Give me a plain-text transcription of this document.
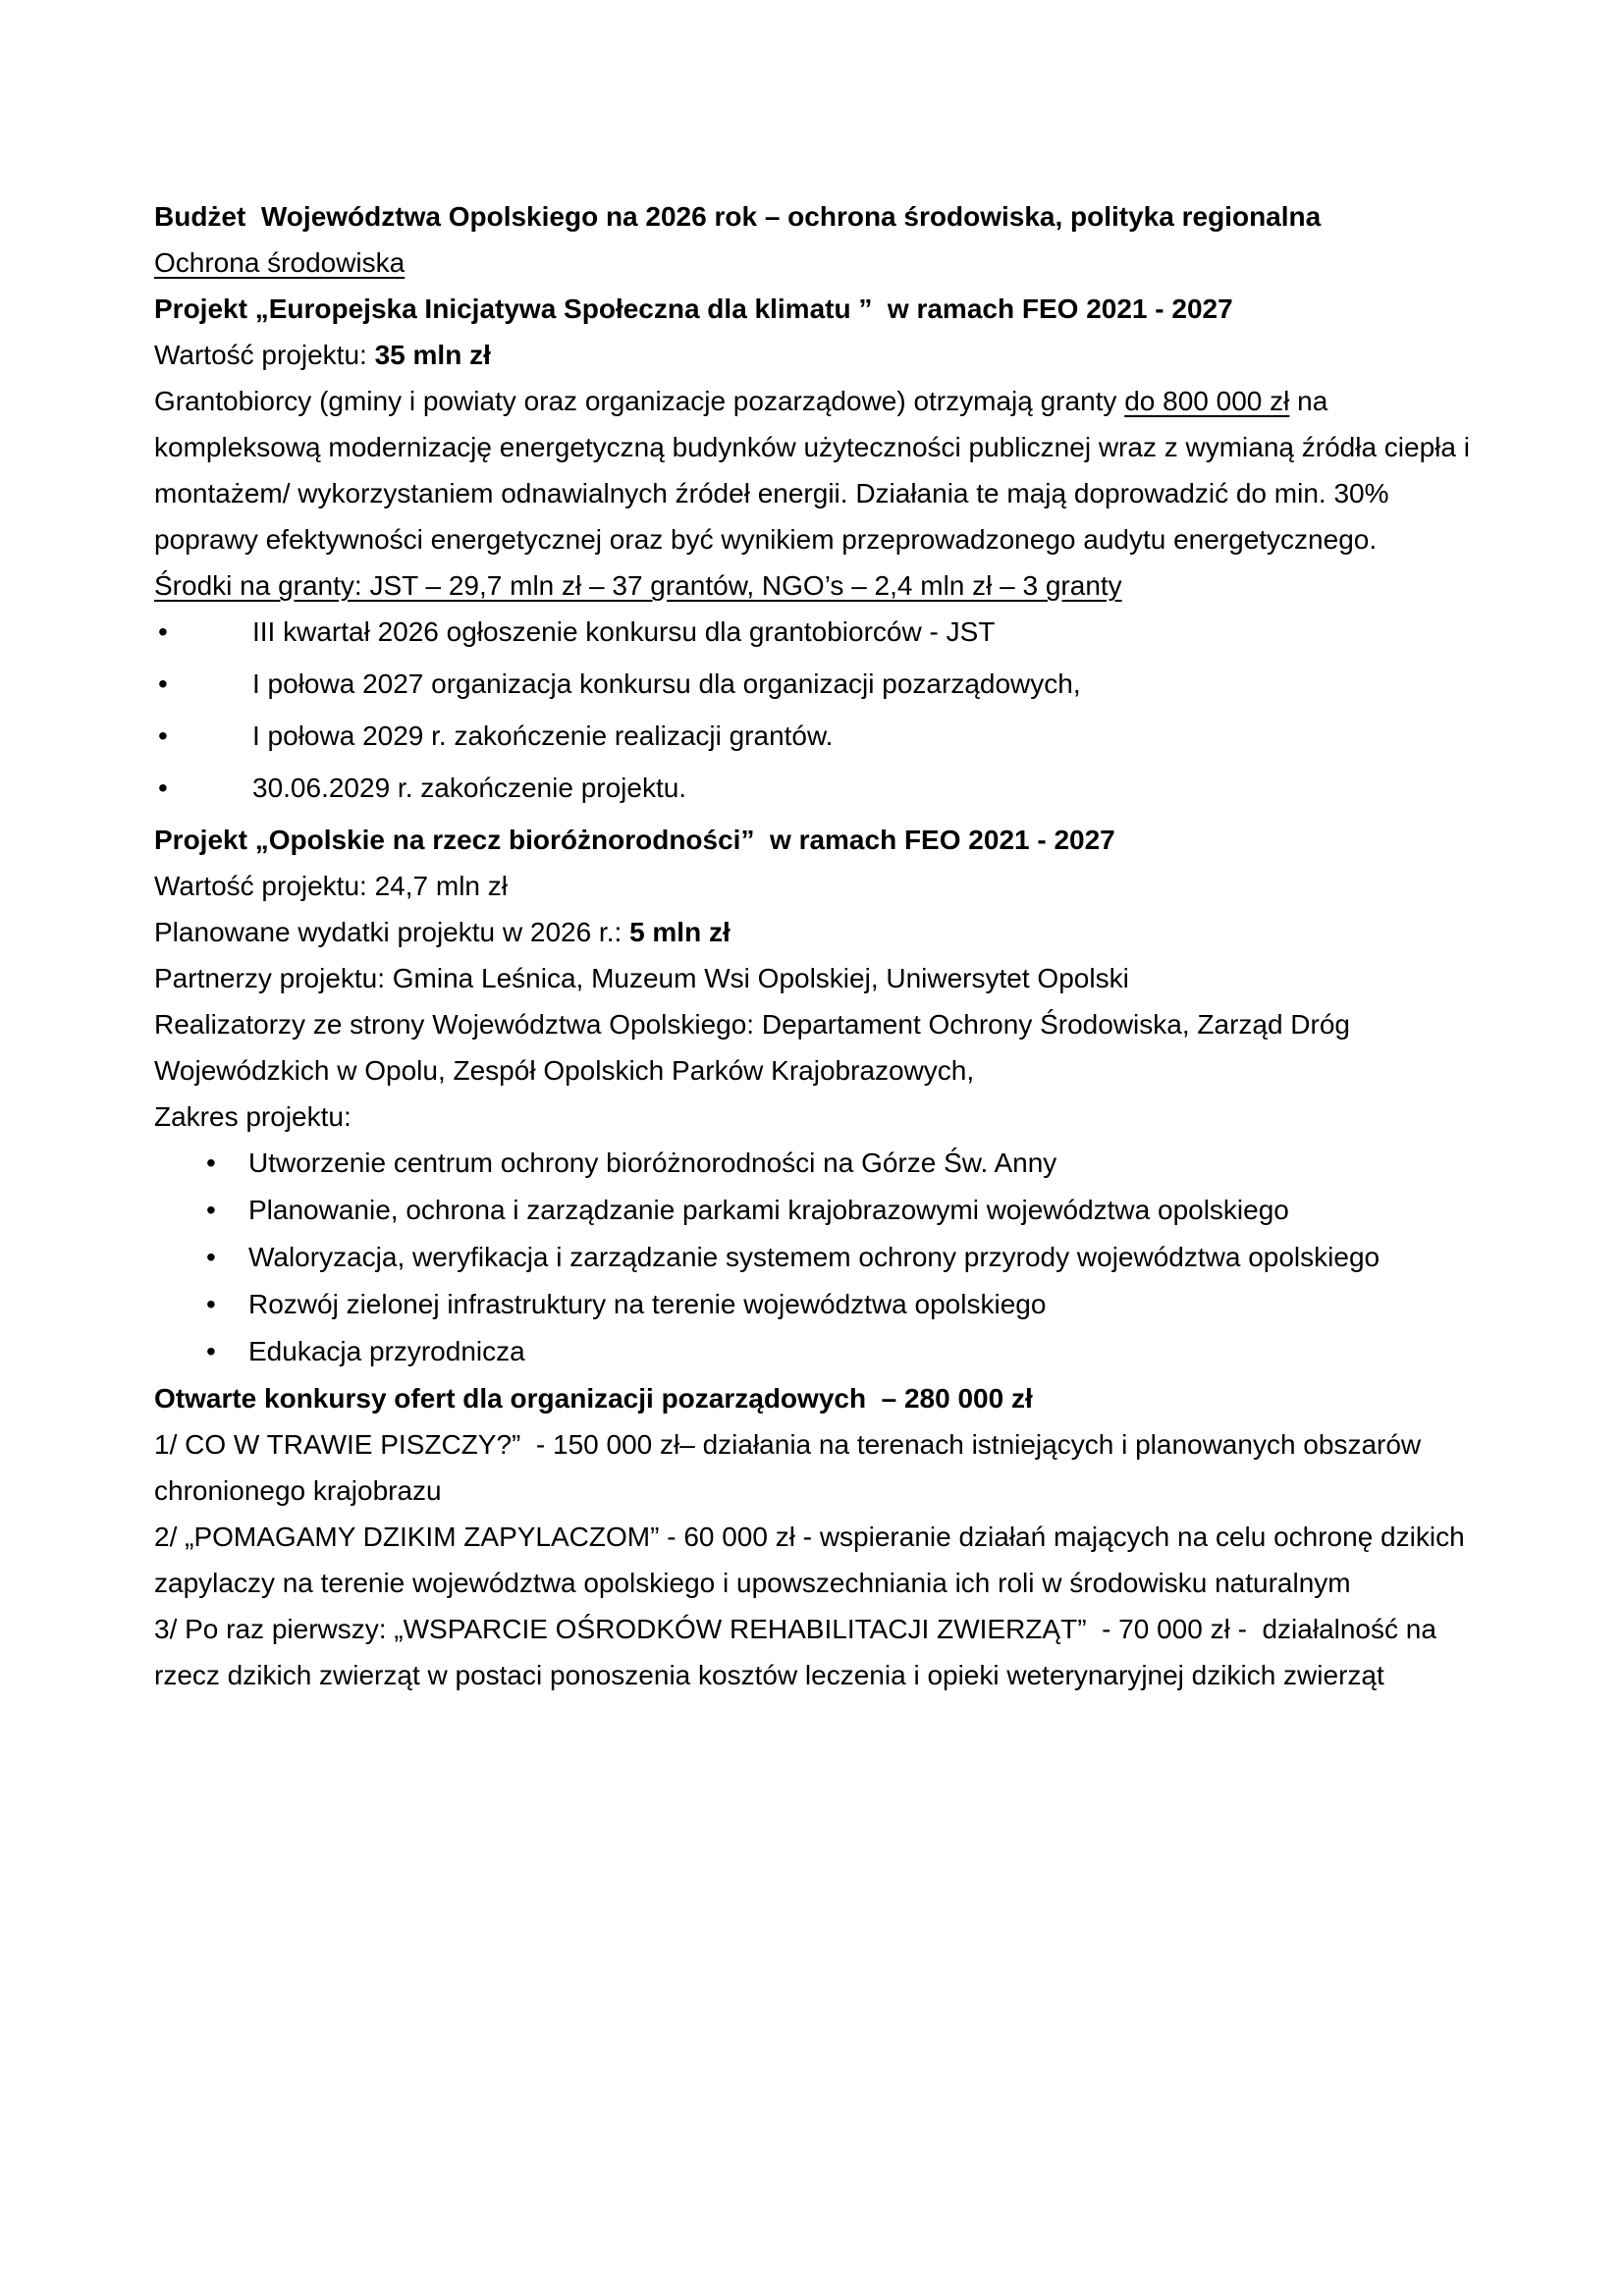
Budżet  Województwa Opolskiego na 2026 rok – ochrona środowiska, polityka regionalna

Ochrona środowiska

Projekt „Europejska Inicjatywa Społeczna dla klimatu ”  w ramach FEO 2021 - 2027

Wartość projektu: 35 mln zł

Grantobiorcy (gminy i powiaty oraz organizacje pozarządowe) otrzymają granty do 800 000 zł na kompleksową modernizację energetyczną budynków użyteczności publicznej wraz z wymianą źródła ciepła i montażem/ wykorzystaniem odnawialnych źródeł energii. Działania te mają doprowadzić do min. 30% poprawy efektywności energetycznej oraz być wynikiem przeprowadzonego audytu energetycznego.

Środki na granty: JST – 29,7 mln zł – 37 grantów, NGO’s – 2,4 mln zł – 3 granty

• III kwartał 2026 ogłoszenie konkursu dla grantobiorców - JST
• I połowa 2027 organizacja konkursu dla organizacji pozarządowych,
• I połowa 2029 r. zakończenie realizacji grantów.
• 30.06.2029 r. zakończenie projektu.

Projekt „Opolskie na rzecz bioróżnorodności”  w ramach FEO 2021 - 2027

Wartość projektu: 24,7 mln zł

Planowane wydatki projektu w 2026 r.: 5 mln zł

Partnerzy projektu: Gmina Leśnica, Muzeum Wsi Opolskiej, Uniwersytet Opolski

Realizatorzy ze strony Województwa Opolskiego: Departament Ochrony Środowiska, Zarząd Dróg Wojewódzkich w Opolu, Zespół Opolskich Parków Krajobrazowych,

Zakres projektu:

• Utworzenie centrum ochrony bioróżnorodności na Górze Św. Anny
• Planowanie, ochrona i zarządzanie parkami krajobrazowymi województwa opolskiego
• Waloryzacja, weryfikacja i zarządzanie systemem ochrony przyrody województwa opolskiego
• Rozwój zielonej infrastruktury na terenie województwa opolskiego
• Edukacja przyrodnicza

Otwarte konkursy ofert dla organizacji pozarządowych  – 280 000 zł

1/ CO W TRAWIE PISZCZY?”  - 150 000 zł– działania na terenach istniejących i planowanych obszarów chronionego krajobrazu

2/ „POMAGAMY DZIKIM ZAPYLACZOM” - 60 000 zł - wspieranie działań mających na celu ochronę dzikich zapylaczy na terenie województwa opolskiego i upowszechniania ich roli w środowisku naturalnym

3/ Po raz pierwszy: „WSPARCIE OŚRODKÓW REHABILITACJI ZWIERZĄT”  - 70 000 zł -  działalność na rzecz dzikich zwierząt w postaci ponoszenia kosztów leczenia i opieki weterynaryjnej dzikich zwierząt
